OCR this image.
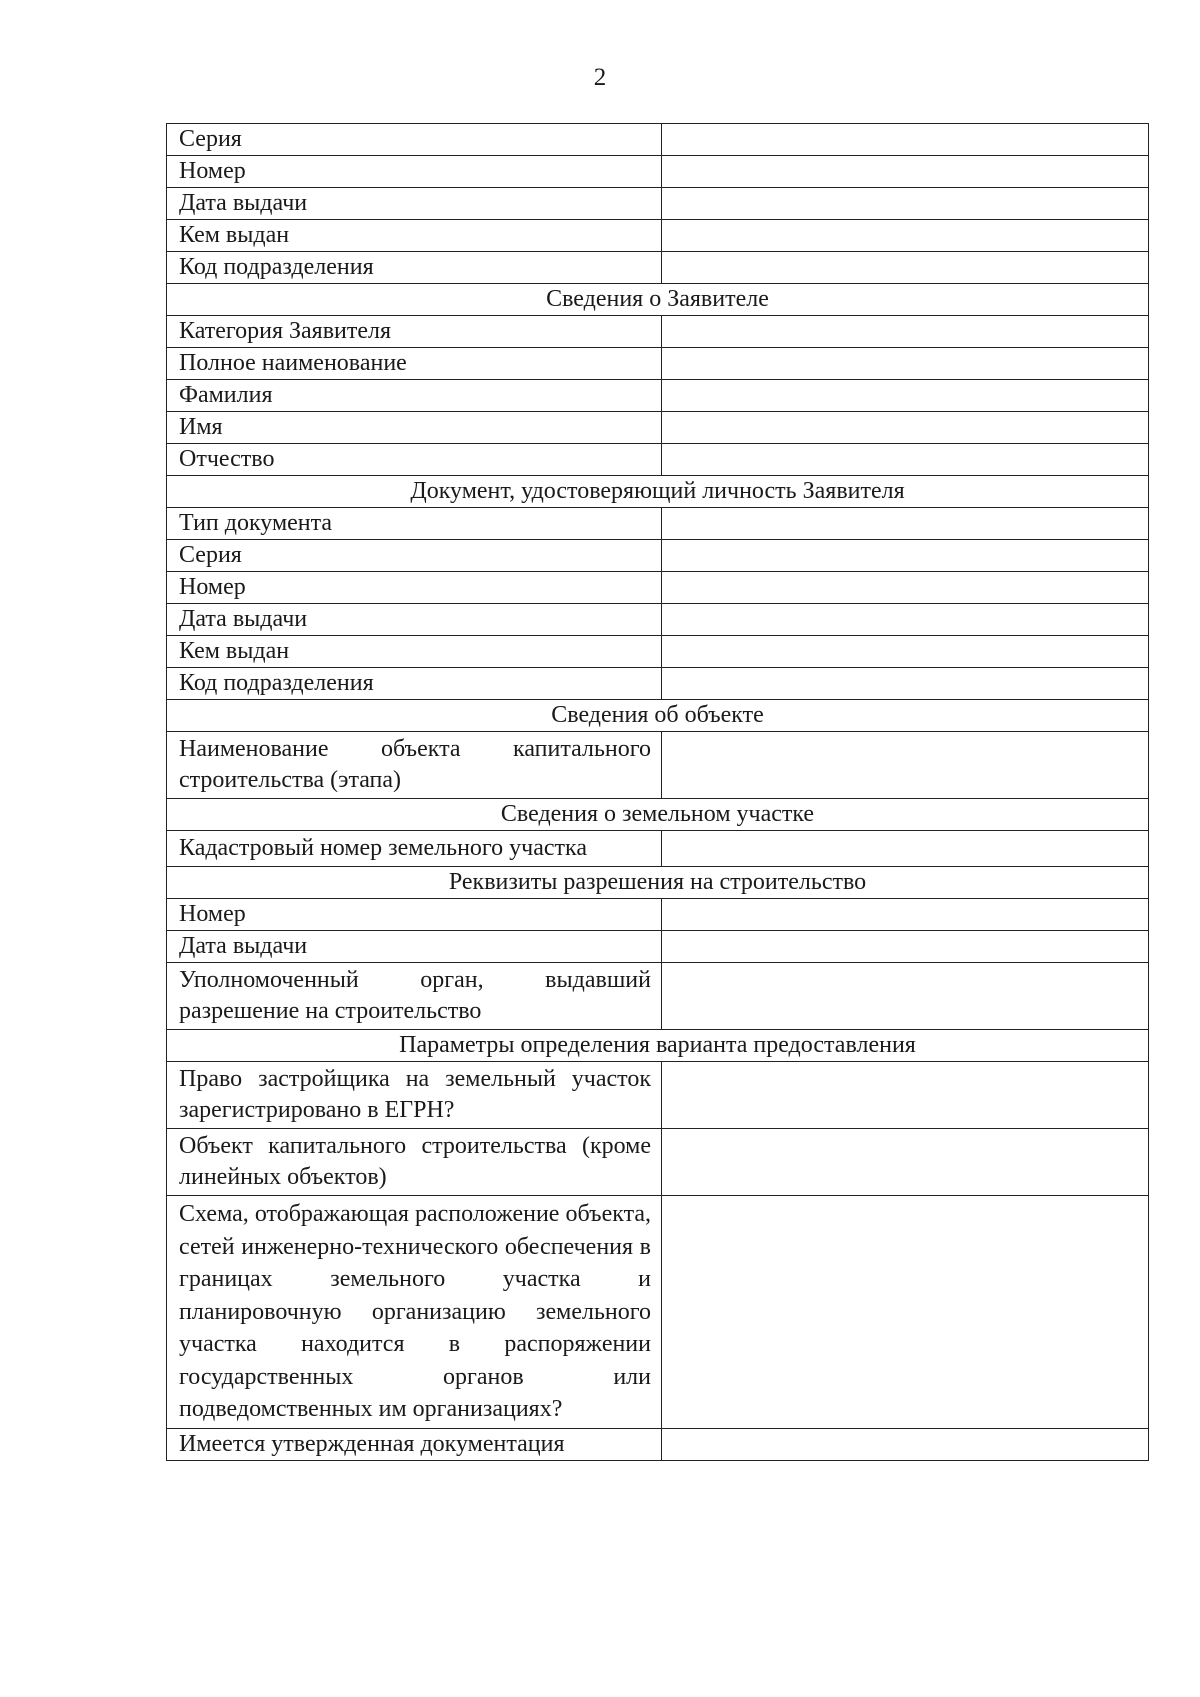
2
Серия	
Номер	
Дата выдачи	
Кем выдан	
Код подразделения	
Сведения о Заявителе	
Категория Заявителя	
Полное наименование	
Фамилия	
Имя	
Отчество	
Документ, удостоверяющий личность Заявителя	
Тип документа	
Серия	
Номер	
Дата выдачи	
Кем выдан	
Код подразделения	
Сведения об объекте	
Наименование объекта капитального строительства (этапа)	
Сведения о земельном участке	
Кадастровый номер земельного участка	
Реквизиты разрешения на строительство	
Номер	
Дата выдачи	
Уполномоченный орган, выдавший разрешение на строительство	
Параметры определения варианта предоставления	
Право застройщика на земельный участок зарегистрировано в ЕГРН?	
Объект капитального строительства (кроме линейных объектов)	
Схема, отображающая расположение объекта, сетей инженерно-технического обеспечения в границах земельного участка и планировочную организацию земельного участка находится в распоряжении государственных органов или подведомственных им организациях?	
Имеется утвержденная документация	
